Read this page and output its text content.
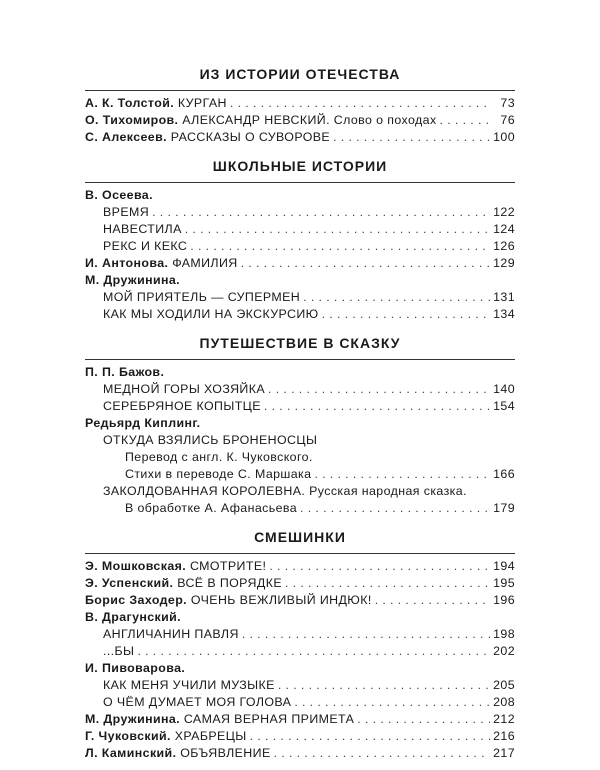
ИЗ ИСТОРИИ ОТЕЧЕСТВА
А. К. Толстой. КУРГАН . . .	73
О. Тихомиров. АЛЕКСАНДР НЕВСКИЙ. Слово о походах . . .	76
С. Алексеев. РАССКАЗЫ О СУВОРОВЕ . . .	100
ШКОЛЬНЫЕ ИСТОРИИ
В. Осеева.
ВРЕМЯ . . .	122
НАВЕСТИЛА . . .	124
РЕКС И КЕКС . . .	126
И. Антонова. ФАМИЛИЯ . . .	129
М. Дружинина.
МОЙ ПРИЯТЕЛЬ — СУПЕРМЕН . . .	131
КАК МЫ ХОДИЛИ НА ЭКСКУРСИЮ . . .	134
ПУТЕШЕСТВИЕ В СКАЗКУ
П. П. Бажов.
МЕДНОЙ ГОРЫ ХОЗЯЙКА . . .	140
СЕРЕБРЯНОЕ КОПЫТЦЕ . . .	154
Редьярд Киплинг.
ОТКУДА ВЗЯЛИСЬ БРОНЕНОСЦЫ
Перевод с англ. К. Чуковского.
Стихи в переводе С. Маршака . . .	166
ЗАКОЛДОВАННАЯ КОРОЛЕВНА. Русская народная сказка.
В обработке А. Афанасьева . . .	179
СМЕШИНКИ
Э. Мошковская. СМОТРИТЕ! . . .	194
Э. Успенский. ВСЁ В ПОРЯДКЕ . . .	195
Борис Заходер. ОЧЕНЬ ВЕЖЛИВЫЙ ИНДЮК! . . .	196
В. Драгунский.
АНГЛИЧАНИН ПАВЛЯ . . .	198
...БЫ . . .	202
И. Пивоварова.
КАК МЕНЯ УЧИЛИ МУЗЫКЕ . . .	205
О ЧЁМ ДУМАЕТ МОЯ ГОЛОВА . . .	208
М. Дружинина. САМАЯ ВЕРНАЯ ПРИМЕТА . . .	212
Г. Чуковский. ХРАБРЕЦЫ . . .	216
Л. Каминский. ОБЪЯВЛЕНИЕ . . .	217
